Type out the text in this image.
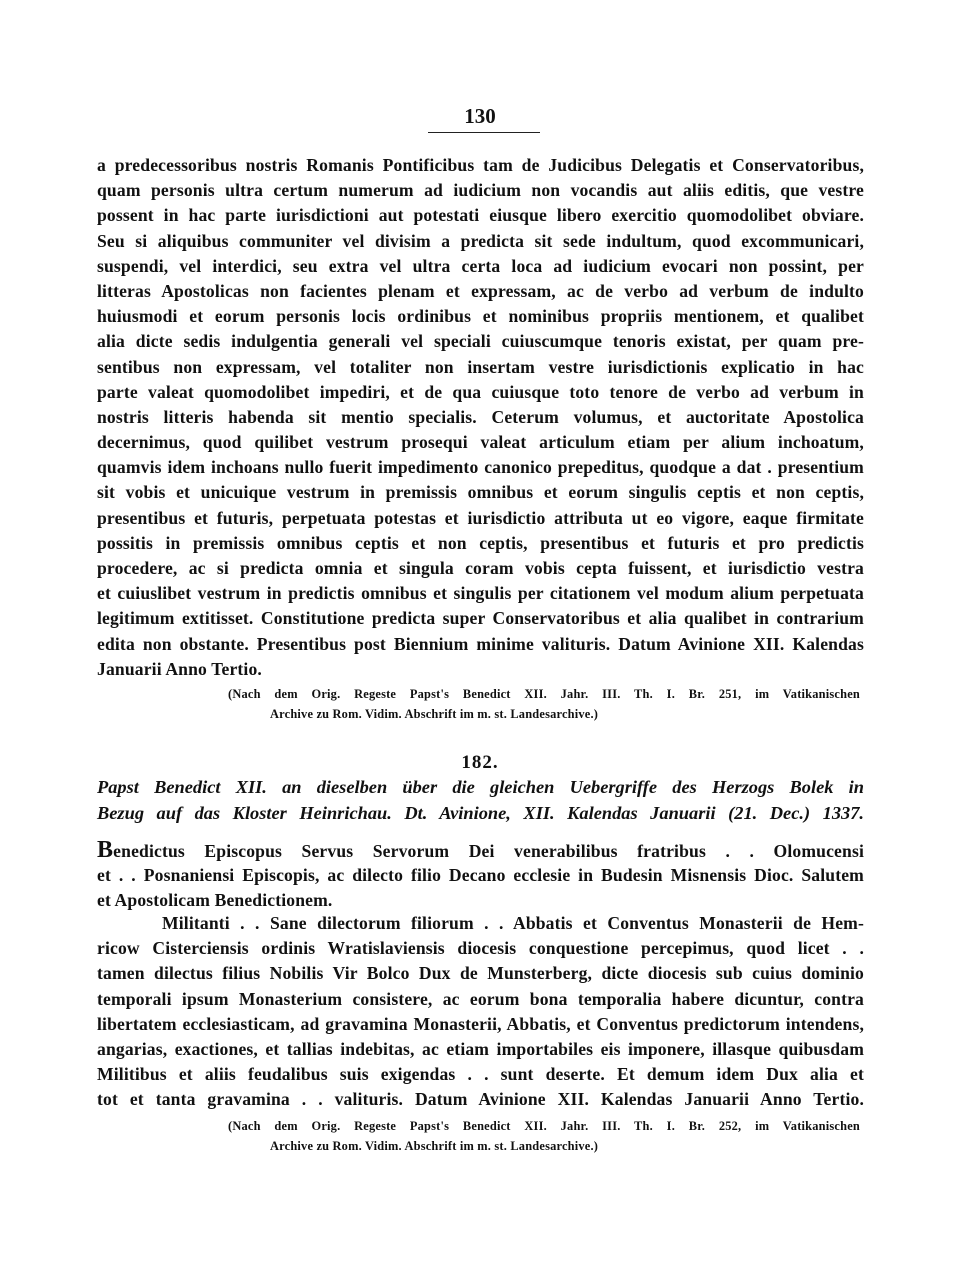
130
a predecessoribus nostris Romanis Pontificibus tam de Judicibus Delegatis et Conservatoribus,
quam personis ultra certum numerum ad iudicium non vocandis aut aliis editis, que vestre
possent in hac parte iurisdictioni aut potestati eiusque libero exercitio quomodolibet obviare.
Seu si aliquibus communiter vel divisim a predicta sit sede indultum, quod excommunicari,
suspendi, vel interdici, seu extra vel ultra certa loca ad iudicium evocari non possint, per
litteras Apostolicas non facientes plenam et expressam, ac de verbo ad verbum de indulto
huiusmodi et eorum personis locis ordinibus et nominibus propriis mentionem, et qualibet
alia dicte sedis indulgentia generali vel speciali cuiuscumque tenoris existat, per quam pre-
sentibus non expressam, vel totaliter non insertam vestre iurisdictionis explicatio in hac
parte valeat quomodolibet impediri, et de qua cuiusque toto tenore de verbo ad verbum in
nostris litteris habenda sit mentio specialis. Ceterum volumus, et auctoritate Apostolica
decernimus, quod quilibet vestrum prosequi valeat articulum etiam per alium inchoatum,
quamvis idem inchoans nullo fuerit impedimento canonico prepeditus, quodque a dat . presentium
sit vobis et unicuique vestrum in premissis omnibus et eorum singulis ceptis et non ceptis,
presentibus et futuris, perpetuata potestas et iurisdictio attributa ut eo vigore, eaque firmitate
possitis in premissis omnibus ceptis et non ceptis, presentibus et futuris et pro predictis
procedere, ac si predicta omnia et singula coram vobis cepta fuissent, et iurisdictio vestra
et cuiuslibet vestrum in predictis omnibus et singulis per citationem vel modum alium perpetuata
legitimum extitisset. Constitutione predicta super Conservatoribus et alia qualibet in contrarium
edita non obstante. Presentibus post Biennium minime valituris. Datum Avinione XII. Kalendas
Januarii Anno Tertio.
(Nach dem Orig. Regeste Papst's Benedict XII. Jahr. III. Th. I. Br. 251, im Vatikanischen
Archive zu Rom. Vidim. Abschrift im m. st. Landesarchive.)
182.
Papst Benedict XII. an dieselben über die gleichen Uebergriffe des Herzogs Bolek in
Bezug auf das Kloster Heinrichau. Dt. Avinione, XII. Kalendas Januarii (21. Dec.) 1337.
Benedictus Episcopus Servus Servorum Dei venerabilibus fratribus . . Olomucensi
et . . Posnaniensi Episcopis, ac dilecto filio Decano ecclesie in Budesin Misnensis Dioc. Salutem
et Apostolicam Benedictionem.
Militanti . . Sane dilectorum filiorum . . Abbatis et Conventus Monasterii de Hem-
ricow Cisterciensis ordinis Wratislaviensis diocesis conquestione percepimus, quod licet . .
tamen dilectus filius Nobilis Vir Bolco Dux de Munsterberg, dicte diocesis sub cuius dominio
temporali ipsum Monasterium consistere, ac eorum bona temporalia habere dicuntur, contra
libertatem ecclesiasticam, ad gravamina Monasterii, Abbatis, et Conventus predictorum intendens,
angarias, exactiones, et tallias indebitas, ac etiam importabiles eis imponere, illasque quibusdam
Militibus et aliis feudalibus suis exigendas . . sunt deserte. Et demum idem Dux alia et
tot et tanta gravamina . . valituris. Datum Avinione XII. Kalendas Januarii Anno Tertio.
(Nach dem Orig. Regeste Papst's Benedict XII. Jahr. III. Th. I. Br. 252, im Vatikanischen
Archive zu Rom. Vidim. Abschrift im m. st. Landesarchive.)
